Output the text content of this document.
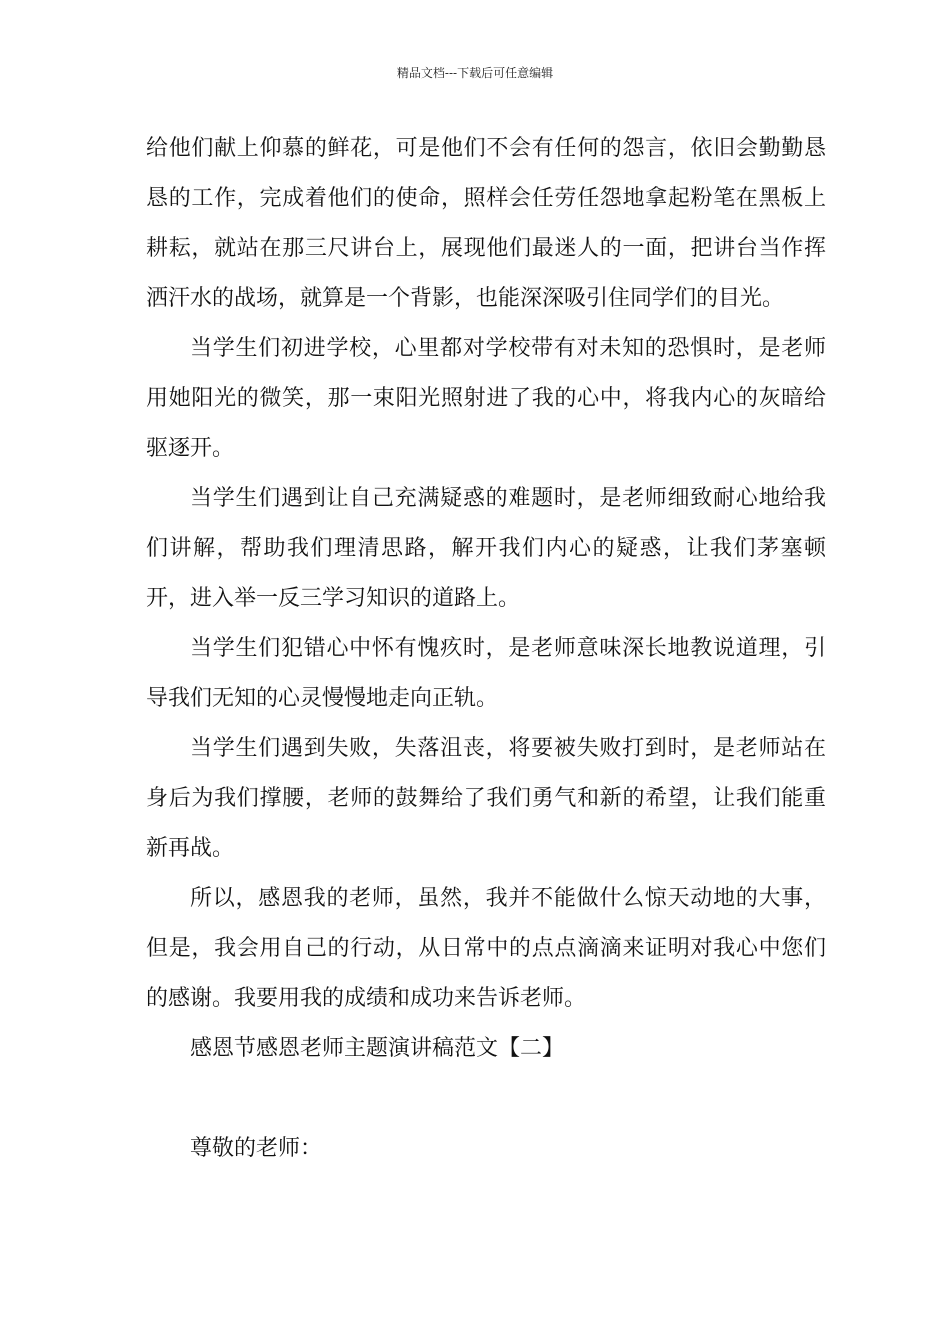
精品文档---下载后可任意编辑

给他们献上仰慕的鲜花，可是他们不会有任何的怨言，依旧会勤勤恳恳的工作，完成着他们的使命，照样会任劳任怨地拿起粉笔在黑板上耕耘，就站在那三尺讲台上，展现他们最迷人的一面，把讲台当作挥洒汗水的战场，就算是一个背影，也能深深吸引住同学们的目光。

当学生们初进学校，心里都对学校带有对未知的恐惧时，是老师用她阳光的微笑，那一束阳光照射进了我的心中，将我内心的灰暗给驱逐开。

当学生们遇到让自己充满疑惑的难题时，是老师细致耐心地给我们讲解，帮助我们理清思路，解开我们内心的疑惑，让我们茅塞顿开，进入举一反三学习知识的道路上。

当学生们犯错心中怀有愧疚时，是老师意味深长地教说道理，引导我们无知的心灵慢慢地走向正轨。

当学生们遇到失败，失落沮丧，将要被失败打到时，是老师站在身后为我们撑腰，老师的鼓舞给了我们勇气和新的希望，让我们能重新再战。

所以，感恩我的老师，虽然，我并不能做什么惊天动地的大事，但是，我会用自己的行动，从日常中的点点滴滴来证明对我心中您们的感谢。我要用我的成绩和成功来告诉老师。

感恩节感恩老师主题演讲稿范文【二】

尊敬的老师：
